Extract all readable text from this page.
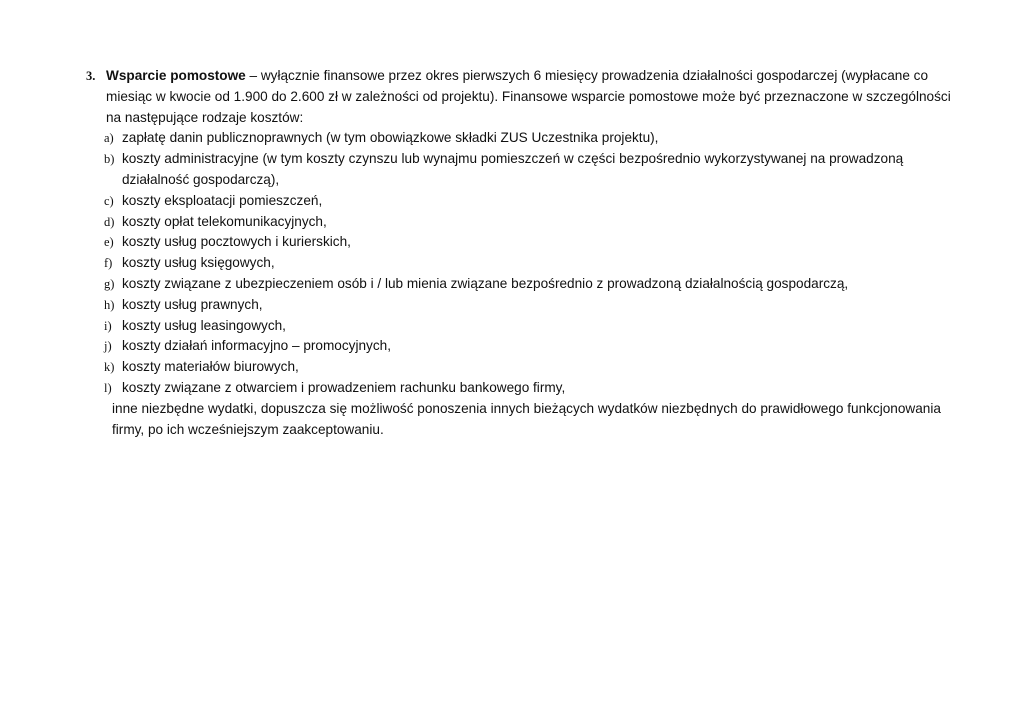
3. Wsparcie pomostowe – wyłącznie finansowe przez okres pierwszych 6 miesięcy prowadzenia działalności gospodarczej (wypłacane co miesiąc w kwocie od 1.900 do 2.600 zł w zależności od projektu). Finansowe wsparcie pomostowe może być przeznaczone w szczególności na następujące rodzaje kosztów:
a) zapłatę danin publicznoprawnych (w tym obowiązkowe składki ZUS Uczestnika projektu),
b) koszty administracyjne (w tym koszty czynszu lub wynajmu pomieszczeń w części bezpośrednio wykorzystywanej na prowadzoną działalność gospodarczą),
c) koszty eksploatacji pomieszczeń,
d) koszty opłat telekomunikacyjnych,
e) koszty usług pocztowych i kurierskich,
f) koszty usług księgowych,
g) koszty związane z ubezpieczeniem osób i / lub mienia związane bezpośrednio z prowadzoną działalnością gospodarczą,
h) koszty usług prawnych,
i) koszty usług leasingowych,
j) koszty działań informacyjno – promocyjnych,
k) koszty materiałów biurowych,
l) koszty związane z otwarciem i prowadzeniem rachunku bankowego firmy,
inne niezbędne wydatki, dopuszcza się możliwość ponoszenia innych bieżących wydatków niezbędnych do prawidłowego funkcjonowania firmy, po ich wcześniejszym zaakceptowaniu.
